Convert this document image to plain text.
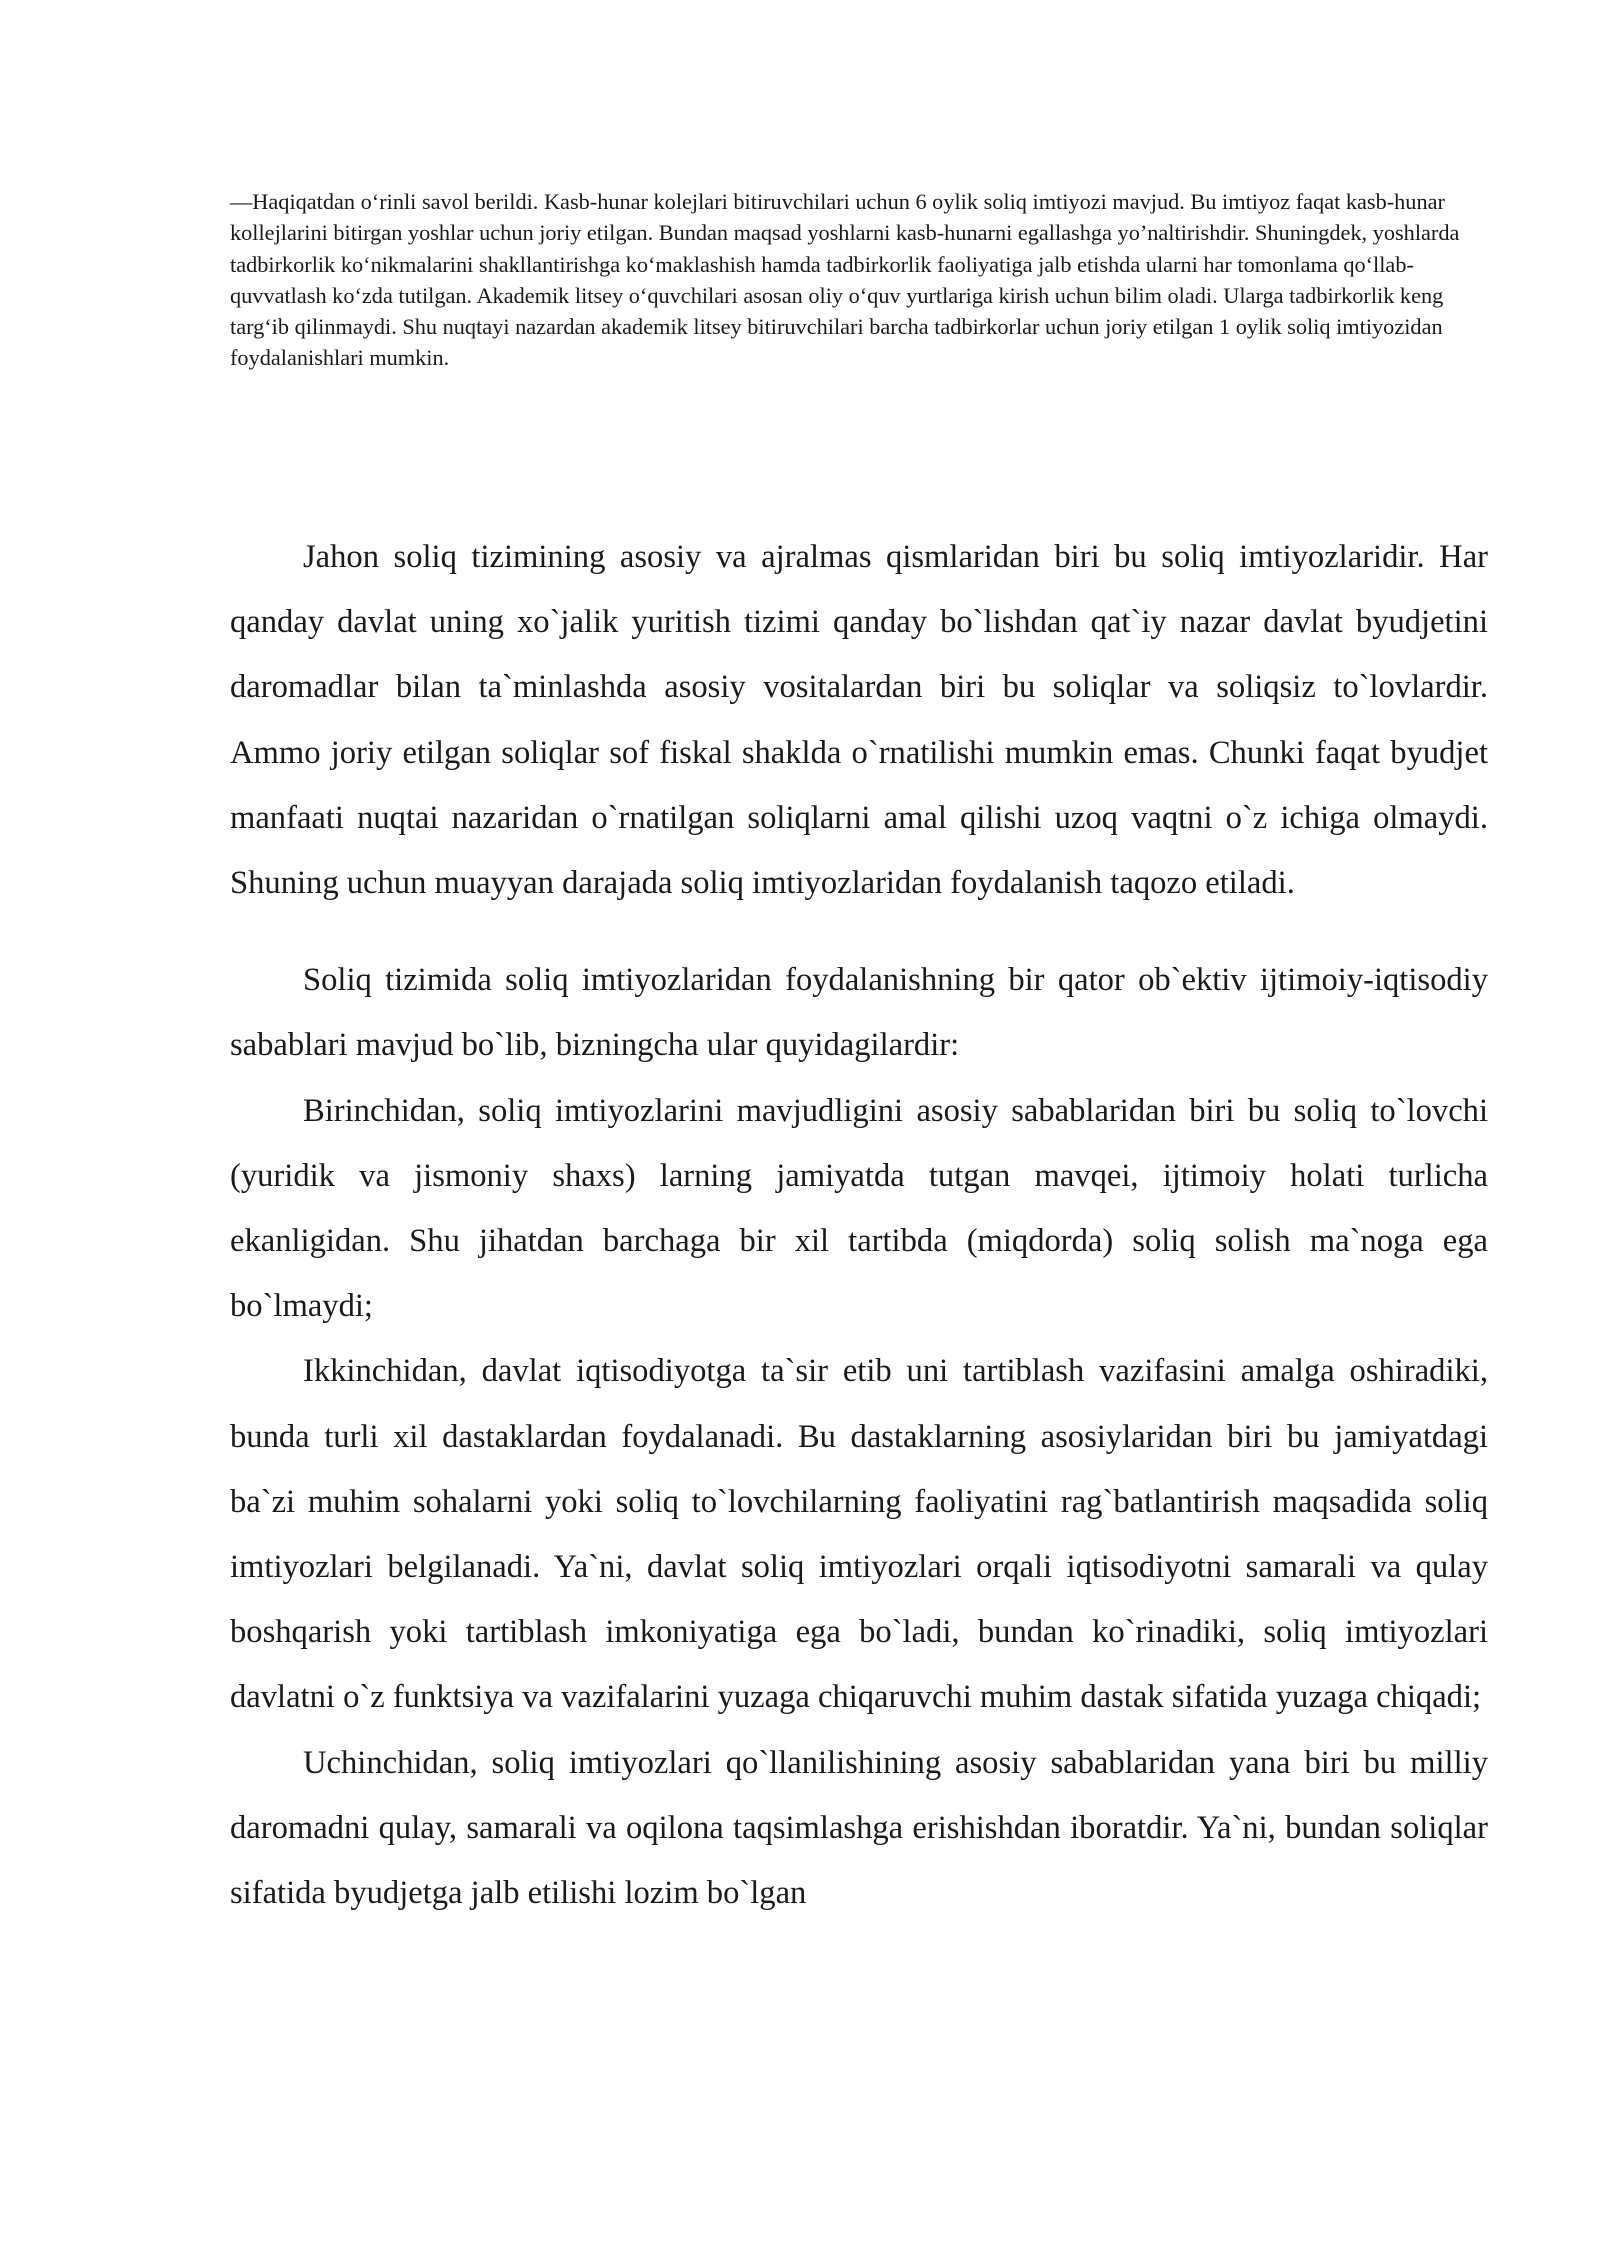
—Haqiqatdan o‘rinli savol berildi. Kasb-hunar kolejlari bitiruvchilari uchun 6 oylik soliq imtiyozi mavjud. Bu imtiyoz faqat kasb-hunar kollejlarini bitirgan yoshlar uchun joriy etilgan. Bundan maqsad yoshlarni kasb-hunarni egallashga yo’naltirishdir. Shuningdek, yoshlarda tadbirkorlik ko‘nikmalarini shakllantirishga ko‘maklashish hamda tadbirkorlik faoliyatiga jalb etishda ularni har tomonlama qo‘llab-quvvatlash ko‘zda tutilgan. Akademik litsey o‘quvchilari asosan oliy o‘quv yurtlariga kirish uchun bilim oladi. Ularga tadbirkorlik keng targ‘ib qilinmaydi. Shu nuqtayi nazardan akademik litsey bitiruvchilari barcha tadbirkorlar uchun joriy etilgan 1 oylik soliq imtiyozidan foydalanishlari mumkin.

Jahon soliq tizimining asosiy va ajralmas qismlaridan biri bu soliq imtiyozlaridir. Har qanday davlat uning xo`jalik yuritish tizimi qanday bo`lishdan qat`iy nazar davlat byudjetini daromadlar bilan ta`minlashda asosiy vositalardan biri bu soliqlar va soliqsiz to`lovlardir. Ammo joriy etilgan soliqlar sof fiskal shakldа o`rnatilishi mumkin emas. Chunki faqat byudjet manfaati nuqtai nazaridan o`rnatilgan soliqlarni amal qilishi uzoq vaqtni o`z ichiga olmaydi. Shuning uchun muayyan darajada soliq imtiyozlaridan foydalanish taqozo etiladi.

Soliq tizimida soliq imtiyozlaridan foydalanishning bir qator ob`ektiv ijtimoiy-iqtisodiy sabablari mavjud bo`lib, bizningcha ular quyidagilardir:

Birinchidan, soliq imtiyozlarini mavjudligini asosiy sabablaridan biri bu soliq to`lovchi (yuridik va jismoniy shaxs) larning jamiyatda tutgan mavqei, ijtimoiy holati turlicha ekanligidan. Shu jihatdan barchaga bir xil tartibda (miqdorda) soliq solish ma`noga ega bo`lmaydi;

Ikkinchidan, davlat iqtisodiyotga ta`sir etib uni tartiblash vazifasini amalga oshiradiki, bunda turli xil dastaklardan foydalanadi. Bu dastaklarning asosiylaridan biri bu jamiyatdagi ba`zi muhim sohalarni yoki soliq to`lovchilarning faoliyatini rag`batlantirish maqsadida soliq imtiyozlari belgilanadi. Ya`ni, davlat soliq imtiyozlari orqali iqtisodiyotni samarali va qulay boshqarish yoki tartiblash imkoniyatiga ega bo`ladi, bundan ko`rinadiki, soliq imtiyozlari davlatni o`z funktsiya va vazifalarini yuzaga chiqaruvchi muhim dastak sifatida yuzaga chiqadi;

Uchinchidan, soliq imtiyozlari qo`llanilishining asosiy sabablaridan yana biri bu milliy daromadni qulay, samarali va oqilona taqsimlashga erishishdan iboratdir. Ya`ni, bundan soliqlar sifatida byudjetga jalb etilishi lozim bo`lgan
